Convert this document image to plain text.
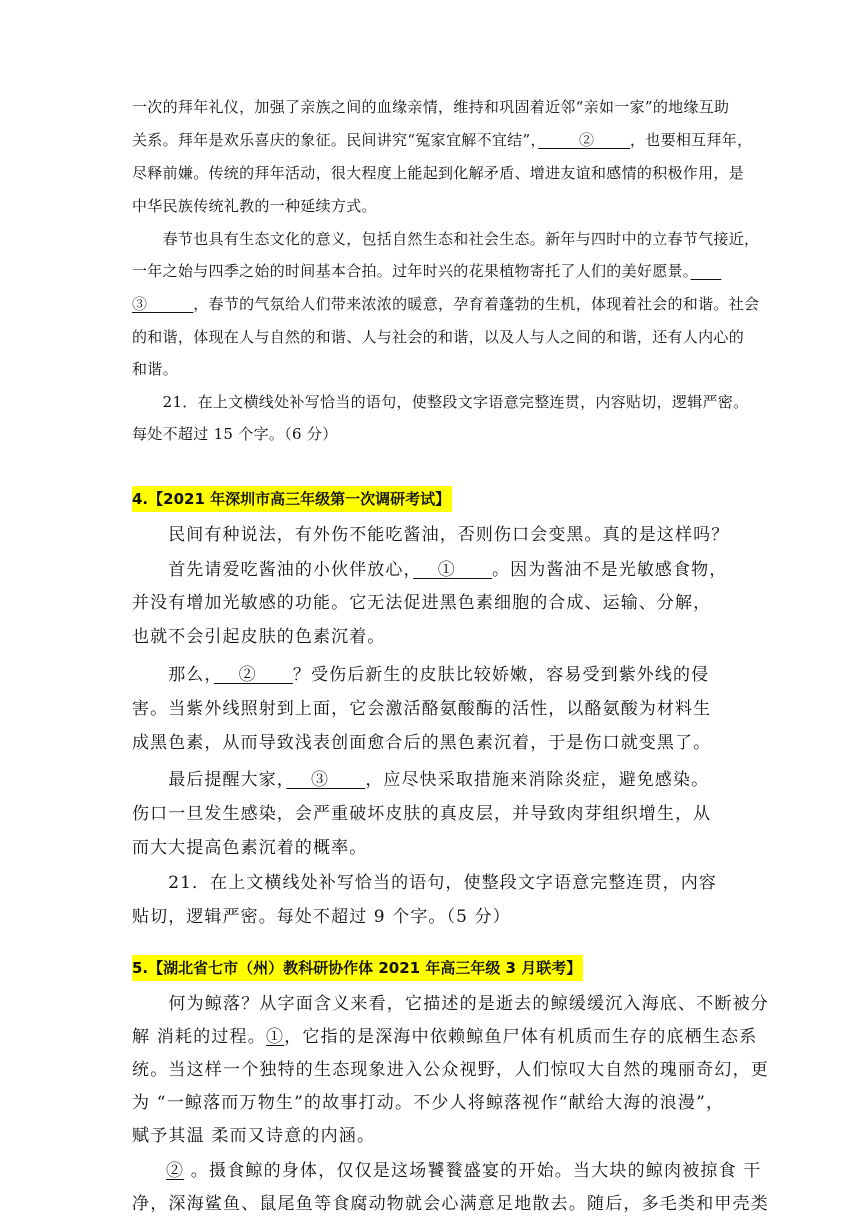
一次的拜年礼仪，加强了亲族之间的血缘亲情，维持和巩固着近邻“亲如一家”的地缘互助

关系。拜年是欢乐喜庆的象征。民间讲究“冤家宜解不宜结”，　 　 ②　 　，也要相互拜年，

尽释前嫌。传统的拜年活动，很大程度上能起到化解矛盾、增进友谊和感情的积极作用，是

中华民族传统礼教的一种延续方式。

　　春节也具有生态文化的意义，包括自然生态和社会生态。新年与四时中的立春节气接近，

一年之始与四季之始的时间基本合拍。过年时兴的花果植物寄托了人们的美好愿景。　　

③　　　，春节的气氛给人们带来浓浓的暖意，孕育着蓬勃的生机，体现着社会的和谐。社会

的和谐，体现在人与自然的和谐、人与社会的和谐，以及人与人之间的和谐，还有人内心的

和谐。

　　21．在上文横线处补写恰当的语句，使整段文字语意完整连贯，内容贴切，逻辑严密。

每处不超过 15 个字。（6 分）

4.【2021 年深圳市高三年级第一次调研考试】

　　民间有种说法，有外伤不能吃酱油，否则伤口会变黑。真的是这样吗？

　　首先请爱吃酱油的小伙伴放心，　 ①　　。因为酱油不是光敏感食物，

并没有增加光敏感的功能。它无法促进黑色素细胞的合成、运输、分解，

也就不会引起皮肤的色素沉着。

　　那么，　 ②　　？受伤后新生的皮肤比较娇嫩，容易受到紫外线的侵

害。当紫外线照射到上面，它会激活酪氨酸酶的活性，以酪氨酸为材料生

成黑色素，从而导致浅表创面愈合后的黑色素沉着，于是伤口就变黑了。

　　最后提醒大家，　 ③　　，应尽快采取措施来消除炎症，避免感染。

伤口一旦发生感染，会严重破坏皮肤的真皮层，并导致肉芽组织增生，从

而大大提高色素沉着的概率。

　　21．在上文横线处补写恰当的语句，使整段文字语意完整连贯，内容

贴切，逻辑严密。每处不超过 9 个字。（5 分）

5.【湖北省七市（州）教科研协作体 2021 年高三年级 3 月联考】

　　何为鲸落？从字面含义来看，它描述的是逝去的鲸缓缓沉入海底、不断被分

解 消耗的过程。①，它指的是深海中依赖鲸鱼尸体有机质而生存的底栖生态系

统。当这样一个独特的生态现象进入公众视野，人们惊叹大自然的瑰丽奇幻，更

为 “一鲸落而万物生”的故事打动。不少人将鲸落视作“献给大海的浪漫”，

赋予其温 柔而又诗意的内涵。

② 。摄食鲸的身体，仅仅是这场饕餮盛宴的开始。当大块的鲸肉被掠食 干

净，深海鲨鱼、鼠尾鱼等食腐动物就会心满意足地散去。随后，多毛类和甲壳类
